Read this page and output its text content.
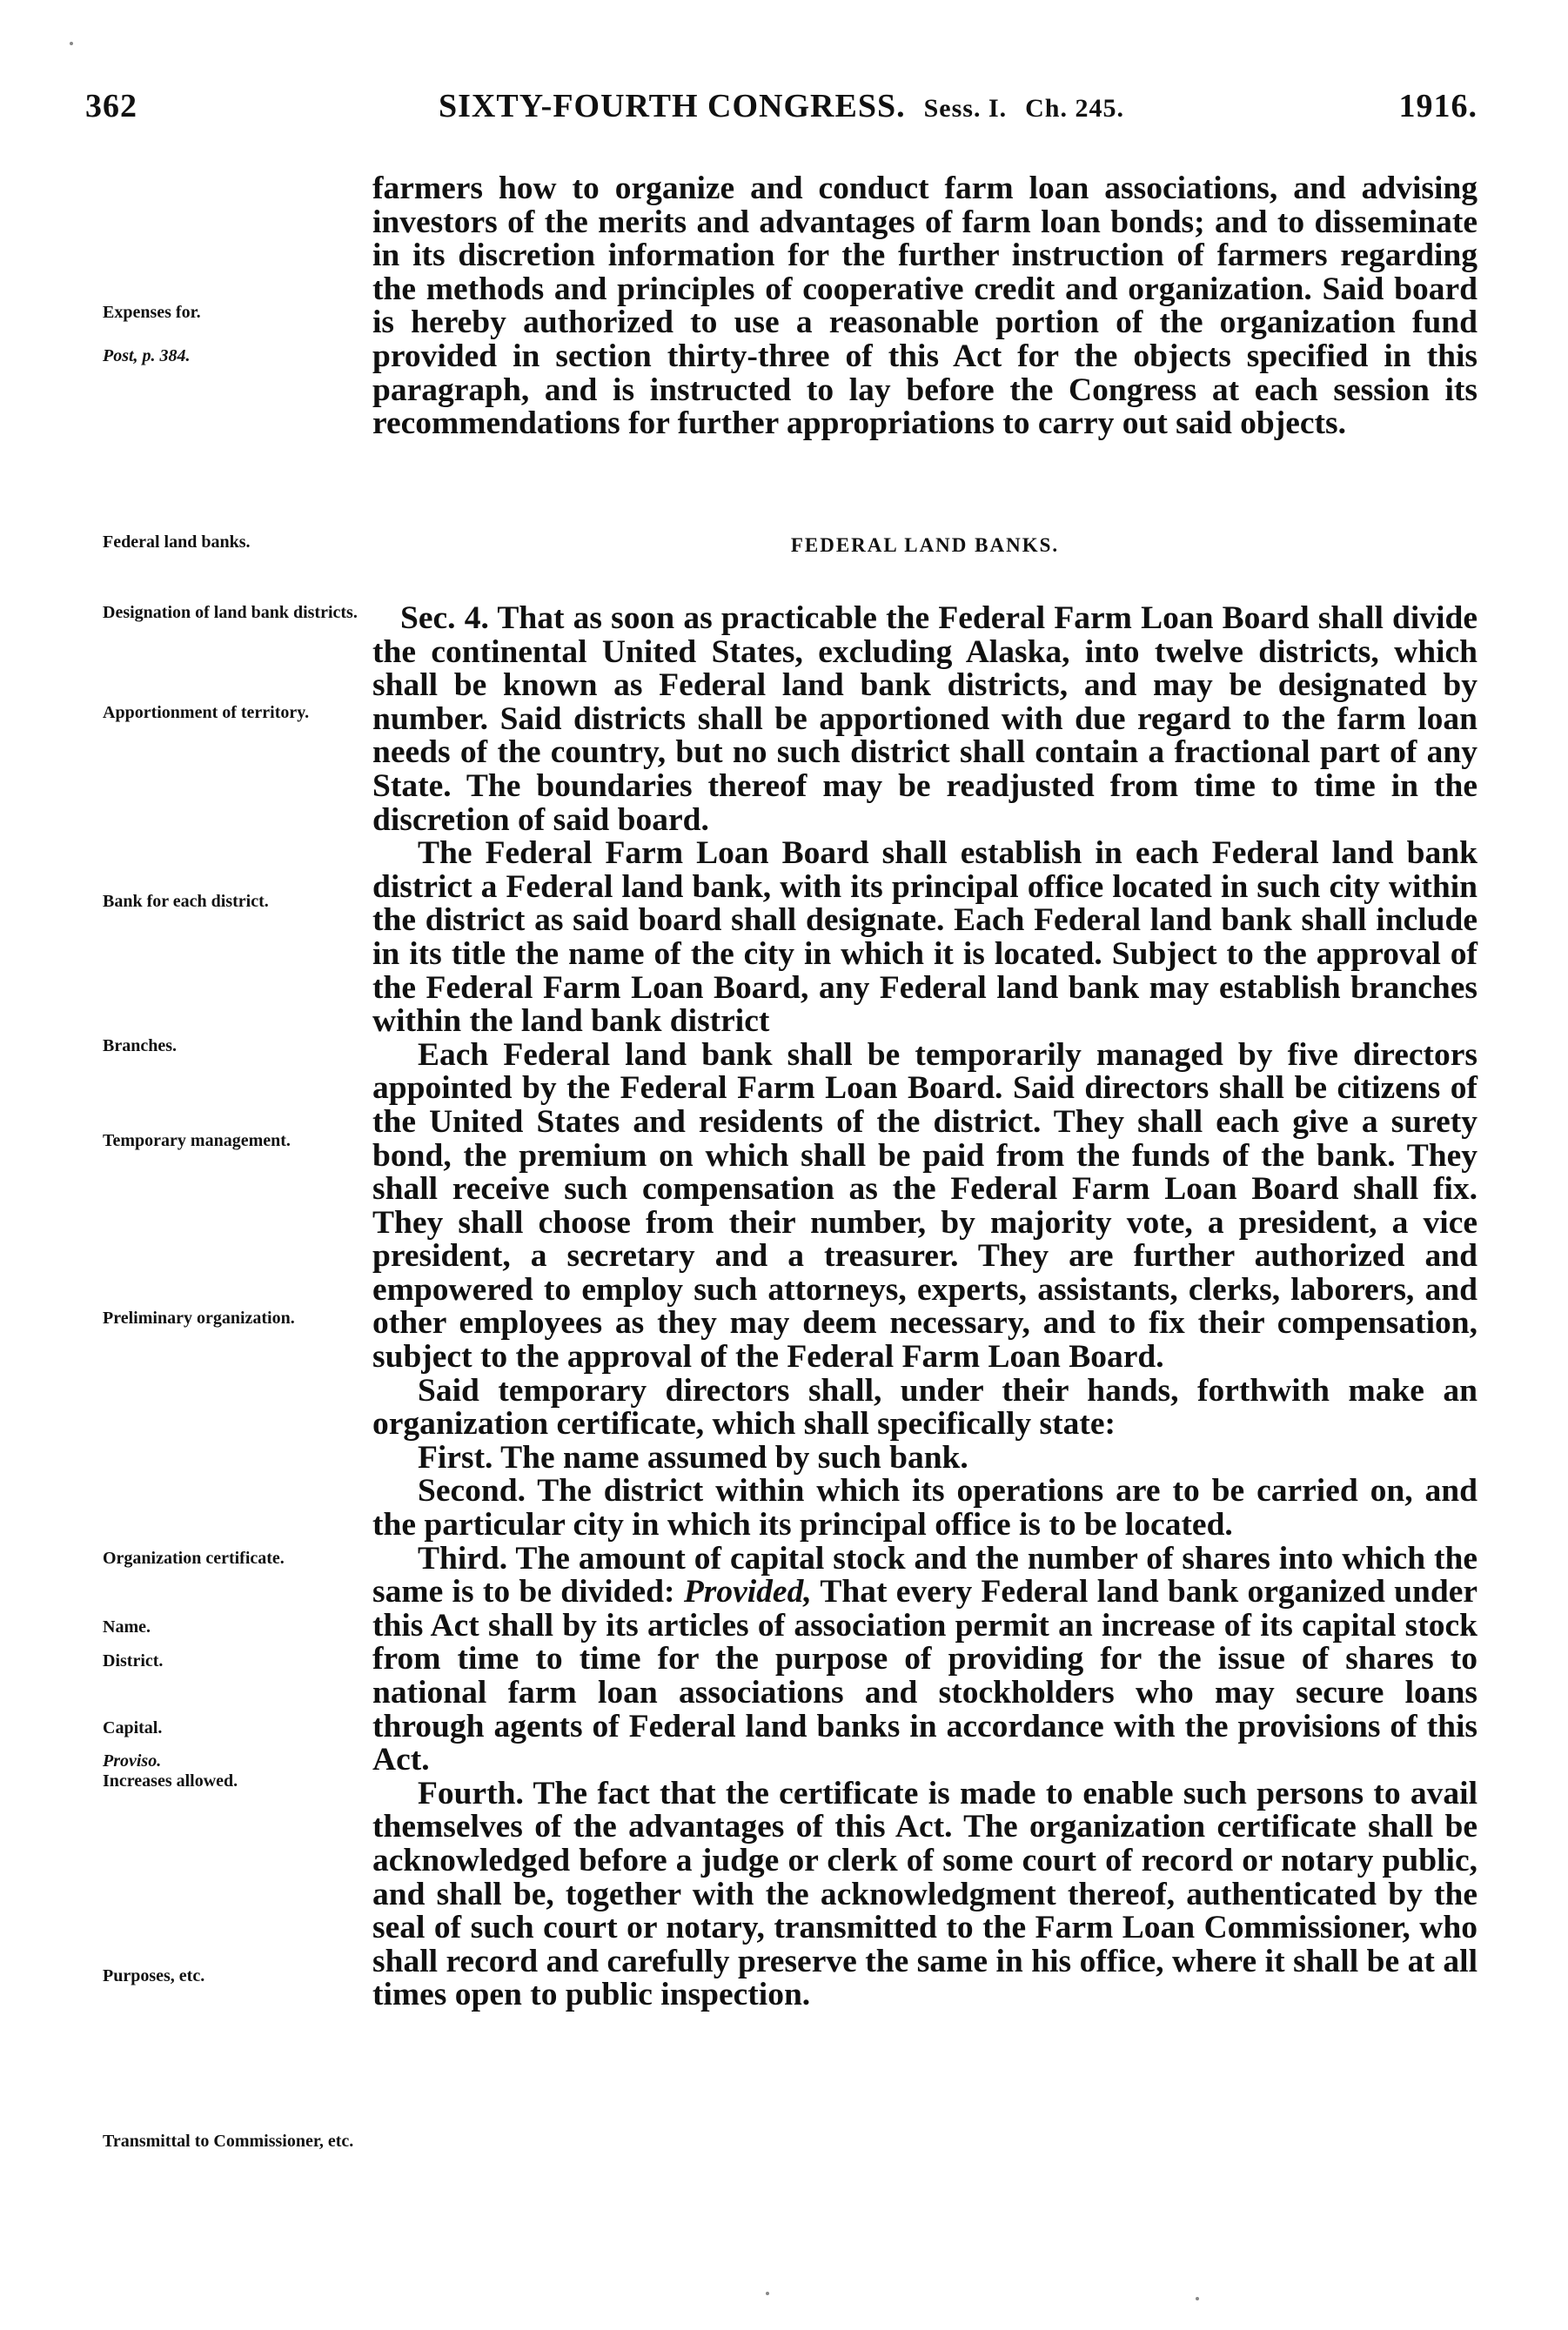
362	SIXTY-FOURTH CONGRESS. Sess. I. Ch. 245.	1916.
Expenses for.
Post, p. 384.
Federal land banks.
Designation of land bank districts.
Apportionment of territory.
Bank for each district.
Branches.
Temporary management.
Preliminary organization.
Organization certificate.
Name.
District.
Capital.
Proviso.
Increases allowed.
Purposes, etc.
Transmittal to Commissioner, etc.

farmers how to organize and conduct farm loan associations, and advising investors of the merits and advantages of farm loan bonds; and to disseminate in its discretion information for the further instruction of farmers regarding the methods and principles of cooperative credit and organization. Said board is hereby authorized to use a reasonable portion of the organization fund provided in section thirty-three of this Act for the objects specified in this paragraph, and is instructed to lay before the Congress at each session its recommendations for further appropriations to carry out said objects.

FEDERAL LAND BANKS.

Sec. 4. That as soon as practicable the Federal Farm Loan Board shall divide the continental United States, excluding Alaska, into twelve districts, which shall be known as Federal land bank districts, and may be designated by number. Said districts shall be apportioned with due regard to the farm loan needs of the country, but no such district shall contain a fractional part of any State. The boundaries thereof may be readjusted from time to time in the discretion of said board.

The Federal Farm Loan Board shall establish in each Federal land bank district a Federal land bank, with its principal office located in such city within the district as said board shall designate. Each Federal land bank shall include in its title the name of the city in which it is located. Subject to the approval of the Federal Farm Loan Board, any Federal land bank may establish branches within the land bank district

Each Federal land bank shall be temporarily managed by five directors appointed by the Federal Farm Loan Board. Said directors shall be citizens of the United States and residents of the district. They shall each give a surety bond, the premium on which shall be paid from the funds of the bank. They shall receive such compensation as the Federal Farm Loan Board shall fix. They shall choose from their number, by majority vote, a president, a vice president, a secretary and a treasurer. They are further authorized and empowered to employ such attorneys, experts, assistants, clerks, laborers, and other employees as they may deem necessary, and to fix their compensation, subject to the approval of the Federal Farm Loan Board.

Said temporary directors shall, under their hands, forthwith make an organization certificate, which shall specifically state:

First. The name assumed by such bank.

Second. The district within which its operations are to be carried on, and the particular city in which its principal office is to be located.

Third. The amount of capital stock and the number of shares into which the same is to be divided: Provided, That every Federal land bank organized under this Act shall by its articles of association permit an increase of its capital stock from time to time for the purpose of providing for the issue of shares to national farm loan associations and stockholders who may secure loans through agents of Federal land banks in accordance with the provisions of this Act.

Fourth. The fact that the certificate is made to enable such persons to avail themselves of the advantages of this Act. The organization certificate shall be acknowledged before a judge or clerk of some court of record or notary public, and shall be, together with the acknowledgment thereof, authenticated by the seal of such court or notary, transmitted to the Farm Loan Commissioner, who shall record and carefully preserve the same in his office, where it shall be at all times open to public inspection.
